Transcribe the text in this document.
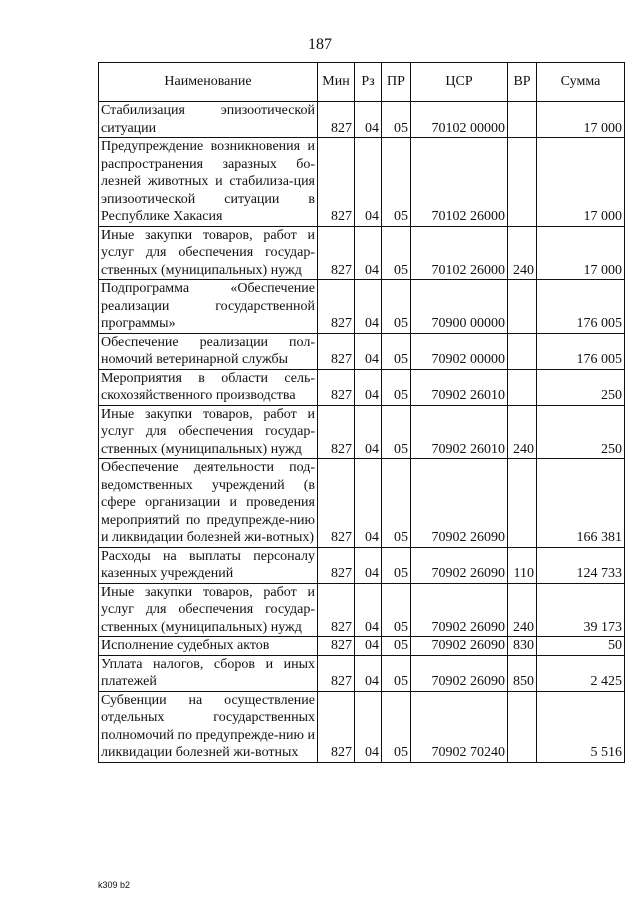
187
Наименование	Мин	Рз	ПР	ЦСР	ВР	Сумма
Стабилизация эпизоотической ситуации	827	04	05	70102 00000		17 000
Предупреждение возникновения и распространения заразных бо-лезней животных и стабилиза-ция эпизоотической ситуации в Республике Хакасия	827	04	05	70102 26000		17 000
Иные закупки товаров, работ и услуг для обеспечения государ-ственных (муниципальных) нужд	827	04	05	70102 26000	240	17 000
Подпрограмма «Обеспечение реализации государственной программы»	827	04	05	70900 00000		176 005
Обеспечение реализации пол-номочий ветеринарной службы	827	04	05	70902 00000		176 005
Мероприятия в области сель-скохозяйственного производства	827	04	05	70902 26010		250
Иные закупки товаров, работ и услуг для обеспечения государ-ственных (муниципальных) нужд	827	04	05	70902 26010	240	250
Обеспечение деятельности под-ведомственных учреждений (в сфере организации и проведения мероприятий по предупрежде-нию и ликвидации болезней жи-вотных)	827	04	05	70902 26090		166 381
Расходы на выплаты персоналу казенных учреждений	827	04	05	70902 26090	110	124 733
Иные закупки товаров, работ и услуг для обеспечения государ-ственных (муниципальных) нужд	827	04	05	70902 26090	240	39 173
Исполнение судебных актов	827	04	05	70902 26090	830	50
Уплата налогов, сборов и иных платежей	827	04	05	70902 26090	850	2 425
Субвенции на осуществление отдельных государственных полномочий по предупрежде-нию и ликвидации болезней жи-вотных	827	04	05	70902 70240		5 516
k309 b2
